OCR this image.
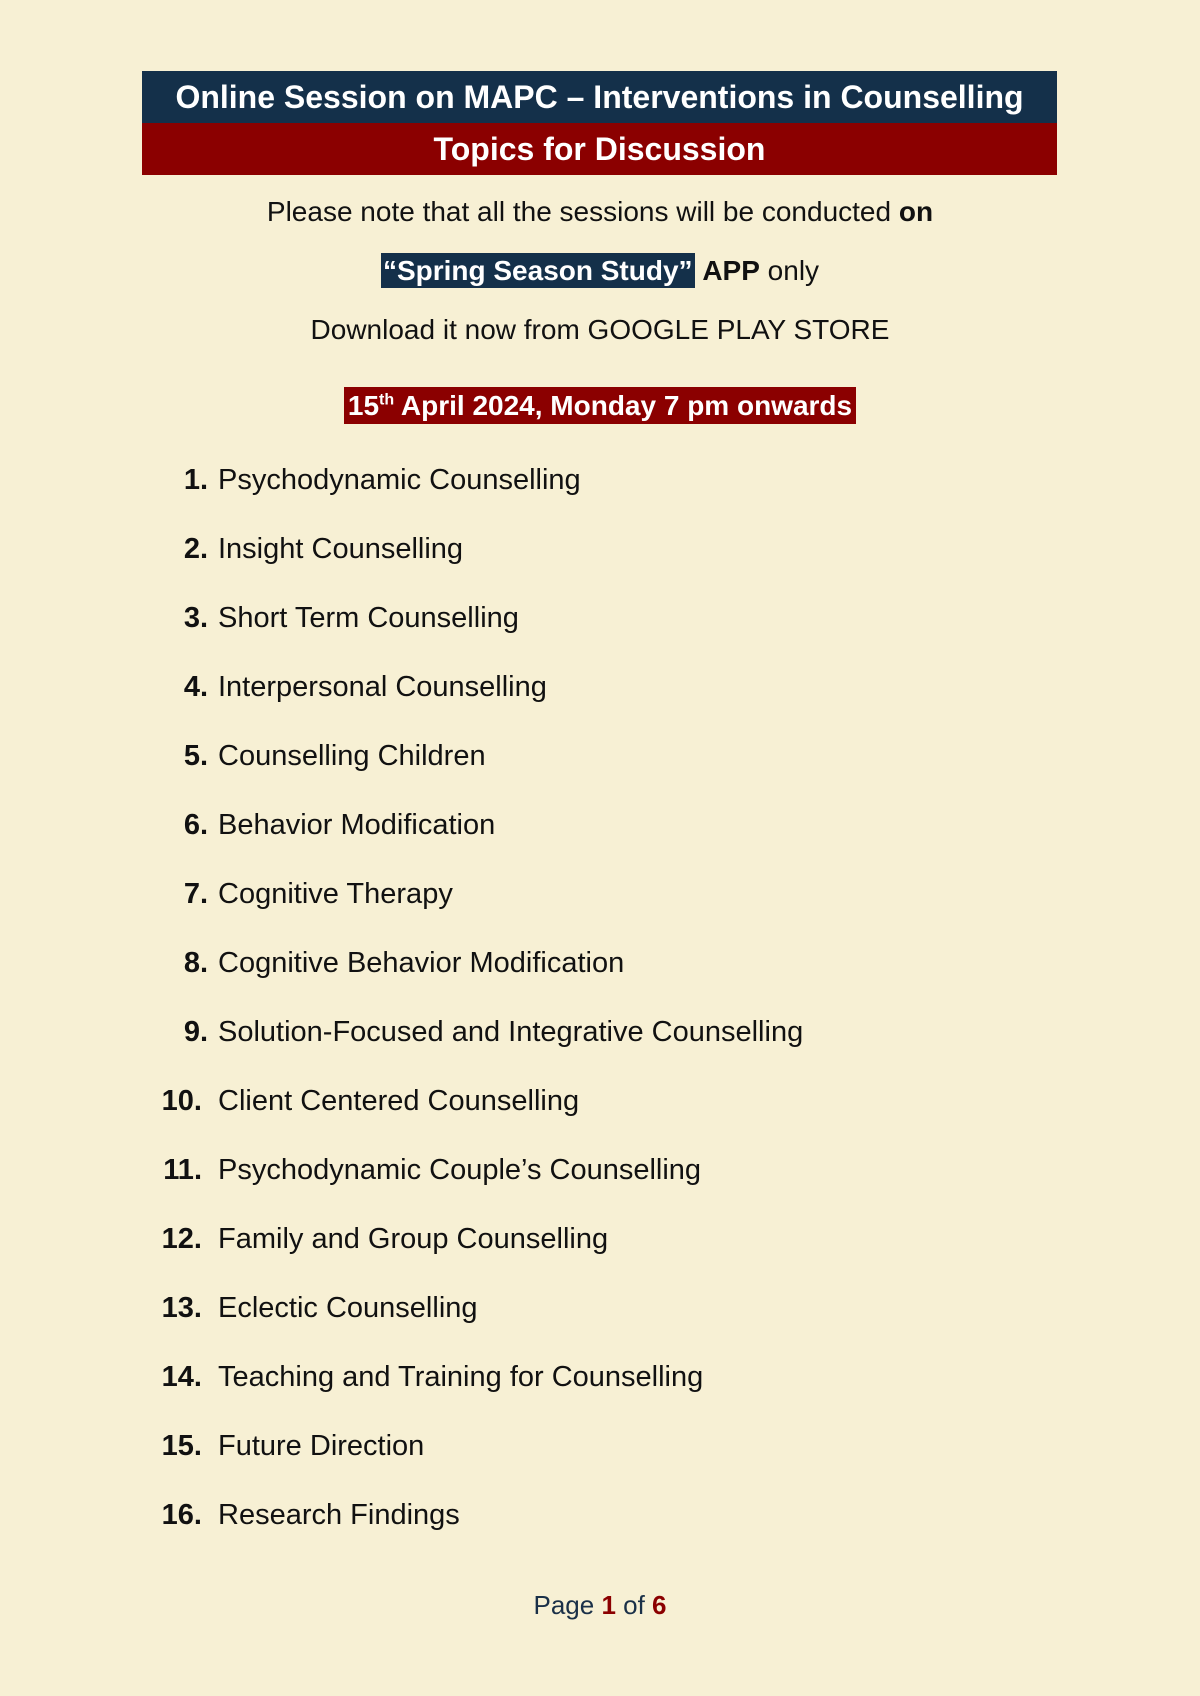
Online Session on MAPC – Interventions in Counselling
Topics for Discussion
Please note that all the sessions will be conducted on
“Spring Season Study” APP only
Download it now from GOOGLE PLAY STORE
15th April 2024, Monday 7 pm onwards
1. Psychodynamic Counselling
2. Insight Counselling
3. Short Term Counselling
4. Interpersonal Counselling
5. Counselling Children
6. Behavior Modification
7. Cognitive Therapy
8. Cognitive Behavior Modification
9. Solution-Focused and Integrative Counselling
10. Client Centered Counselling
11. Psychodynamic Couple’s Counselling
12. Family and Group Counselling
13. Eclectic Counselling
14. Teaching and Training for Counselling
15. Future Direction
16. Research Findings
Page 1 of 6
